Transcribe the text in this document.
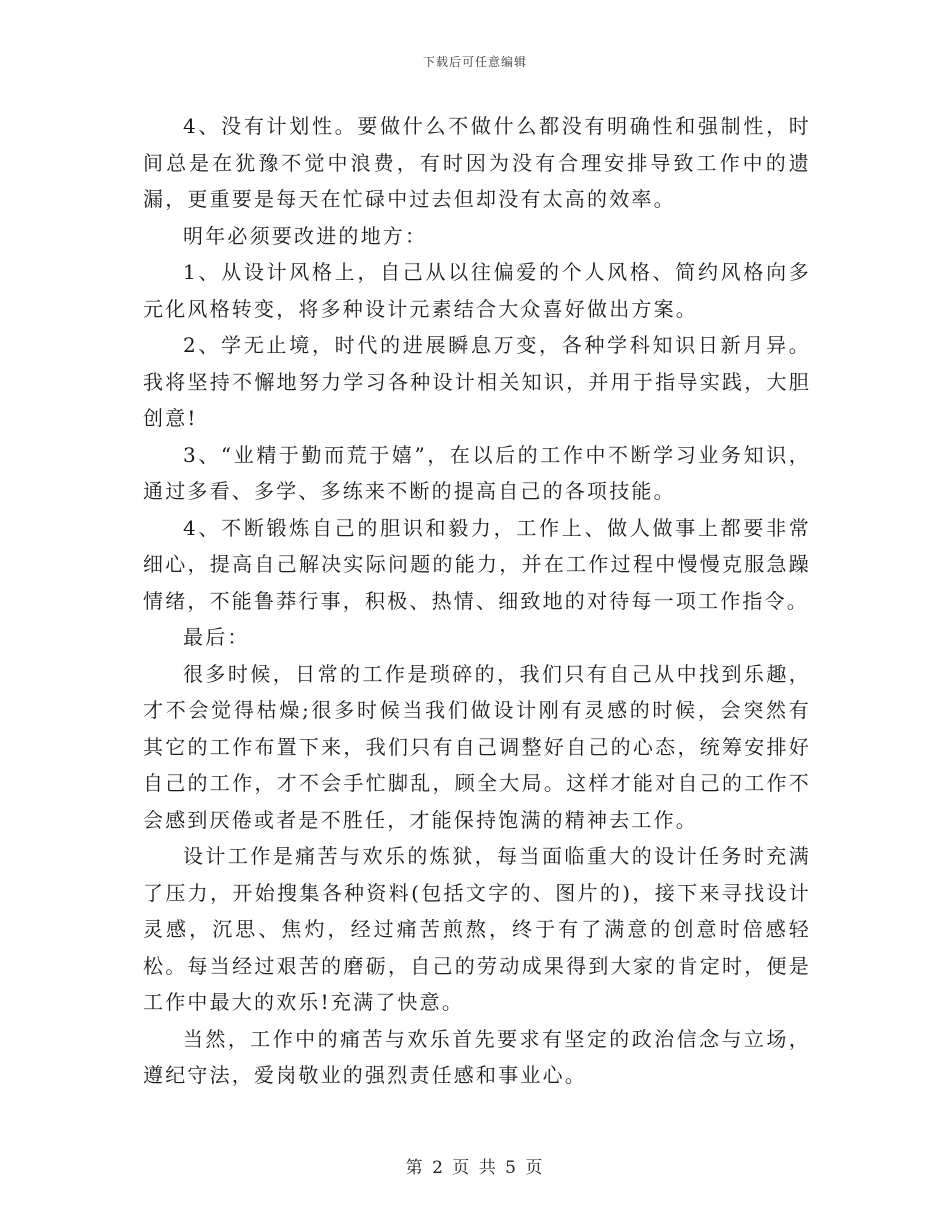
下载后可任意编辑

4、没有计划性。要做什么不做什么都没有明确性和强制性，时间总是在犹豫不觉中浪费，有时因为没有合理安排导致工作中的遗漏，更重要是每天在忙碌中过去但却没有太高的效率。

明年必须要改进的地方：

1、从设计风格上，自己从以往偏爱的个人风格、简约风格向多元化风格转变，将多种设计元素结合大众喜好做出方案。

2、学无止境，时代的进展瞬息万变，各种学科知识日新月异。我将坚持不懈地努力学习各种设计相关知识，并用于指导实践，大胆创意!

3、“业精于勤而荒于嬉”，在以后的工作中不断学习业务知识，通过多看、多学、多练来不断的提高自己的各项技能。

4、不断锻炼自己的胆识和毅力，工作上、做人做事上都要非常细心，提高自己解决实际问题的能力，并在工作过程中慢慢克服急躁情绪，不能鲁莽行事，积极、热情、细致地的对待每一项工作指令。

最后：

很多时候，日常的工作是琐碎的，我们只有自己从中找到乐趣，才不会觉得枯燥;很多时候当我们做设计刚有灵感的时候，会突然有其它的工作布置下来，我们只有自己调整好自己的心态，统筹安排好自己的工作，才不会手忙脚乱，顾全大局。这样才能对自己的工作不会感到厌倦或者是不胜任，才能保持饱满的精神去工作。

设计工作是痛苦与欢乐的炼狱，每当面临重大的设计任务时充满了压力，开始搜集各种资料(包括文字的、图片的)，接下来寻找设计灵感，沉思、焦灼，经过痛苦煎熬，终于有了满意的创意时倍感轻松。每当经过艰苦的磨砺，自己的劳动成果得到大家的肯定时，便是工作中最大的欢乐!充满了快意。

当然，工作中的痛苦与欢乐首先要求有坚定的政治信念与立场，遵纪守法，爱岗敬业的强烈责任感和事业心。

第 2 页 共 5 页
